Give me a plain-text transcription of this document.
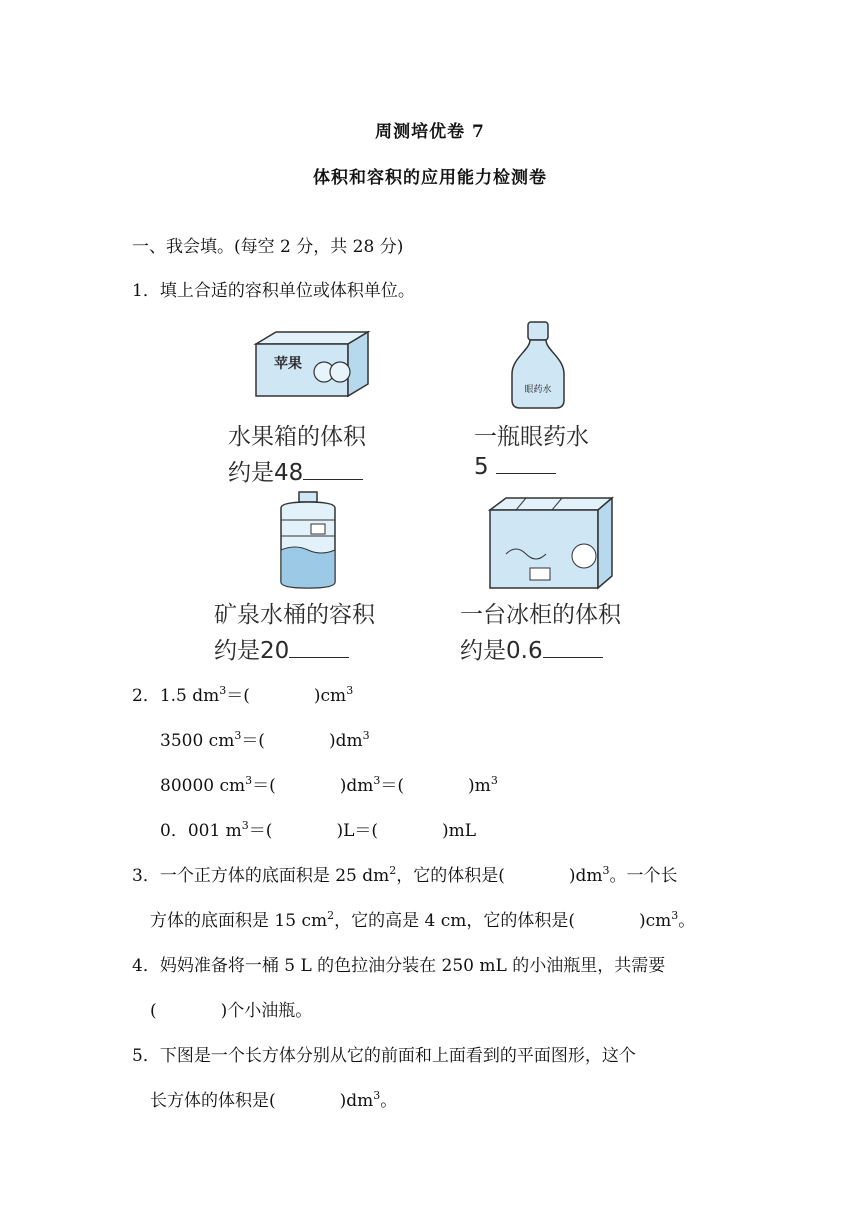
周测培优卷 7
体积和容积的应用能力检测卷
一、我会填。(每空 2 分，共 28 分)
1．填上合适的容积单位或体积单位。
苹果
眼药水
水果箱的体积
约是48
一瓶眼药水
5
矿泉水桶的容积
约是20
一台冰柜的体积
约是0.6
2．1.5 $dm^3=$(	)$cm^3$
3500 $cm^3=$(	)$dm^3$
80000 $cm^3=$(	)$dm^3=$(	)$m^3$
0．001 $m^3=$(	)L＝(	)mL
3．一个正方体的底面积是 25 $dm^2$，它的体积是(	)$dm^3$。一个长
方体的底面积是 15 $cm^2$，它的高是 4 cm，它的体积是(	)$cm^3$。
4．妈妈准备将一桶 5 L 的色拉油分装在 250 mL 的小油瓶里，共需要
(	)个小油瓶。
5．下图是一个长方体分别从它的前面和上面看到的平面图形，这个
长方体的体积是(	)$dm^3$。
